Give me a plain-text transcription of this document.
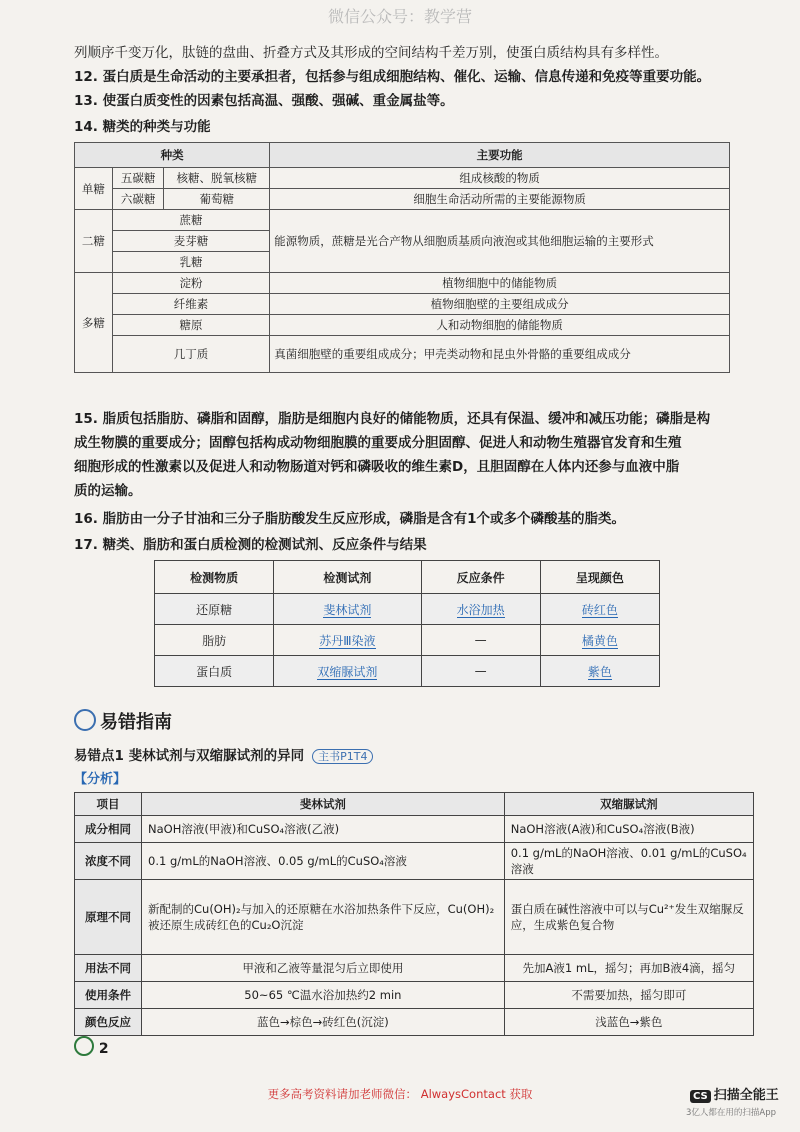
微信公众号：教学营
列顺序千变万化，肽链的盘曲、折叠方式及其形成的空间结构千差万别，使蛋白质结构具有多样性。
12. 蛋白质是生命活动的主要承担者，包括参与组成细胞结构、催化、运输、信息传递和免疫等重要功能。
13. 使蛋白质变性的因素包括高温、强酸、强碱、重金属盐等。
14. 糖类的种类与功能
种类			主要功能
单糖	五碳糖	核糖、脱氧核糖	组成核酸的物质
	六碳糖	葡萄糖	细胞生命活动所需的主要能源物质
二糖	蔗糖		能源物质，蔗糖是光合产物从细胞质基质向液泡或其他细胞运输的主要形式
	麦芽糖		
	乳糖		
多糖	淀粉		植物细胞中的储能物质
	纤维素		植物细胞壁的主要组成成分
	糖原		人和动物细胞的储能物质
	几丁质		真菌细胞壁的重要组成成分；甲壳类动物和昆虫外骨骼的重要组成成分
15. 脂质包括脂肪、磷脂和固醇，脂肪是细胞内良好的储能物质，还具有保温、缓冲和减压功能；磷脂是构
成生物膜的重要成分；固醇包括构成动物细胞膜的重要成分胆固醇、促进人和动物生殖器官发育和生殖
细胞形成的性激素以及促进人和动物肠道对钙和磷吸收的维生素D，且胆固醇在人体内还参与血液中脂
质的运输。
16. 脂肪由一分子甘油和三分子脂肪酸发生反应形成，磷脂是含有1个或多个磷酸基的脂类。
17. 糖类、脂肪和蛋白质检测的检测试剂、反应条件与结果
检测物质	检测试剂	反应条件	呈现颜色
还原糖	斐林试剂	水浴加热	砖红色
脂肪	苏丹Ⅲ染液	—	橘黄色
蛋白质	双缩脲试剂	—	紫色
易错指南
易错点1 斐林试剂与双缩脲试剂的异同 主书P1T4
【分析】
项目	斐林试剂	双缩脲试剂
成分相同	NaOH溶液(甲液)和CuSO₄溶液(乙液)	NaOH溶液(A液)和CuSO₄溶液(B液)
浓度不同	0.1 g/mL的NaOH溶液、0.05 g/mL的CuSO₄溶液	0.1 g/mL的NaOH溶液、0.01 g/mL的CuSO₄溶液
原理不同	新配制的Cu(OH)₂与加入的还原糖在水浴加热条件下反应，Cu(OH)₂被还原生成砖红色的Cu₂O沉淀	蛋白质在碱性溶液中可以与Cu²⁺发生双缩脲反应，生成紫色复合物
用法不同	甲液和乙液等量混匀后立即使用	先加A液1 mL，摇匀；再加B液4滴，摇匀
使用条件	50~65 ℃温水浴加热约2 min	不需要加热，摇匀即可
颜色反应	蓝色→棕色→砖红色(沉淀)	浅蓝色→紫色
2
更多高考资料请加老师微信： AlwaysContact 获取	CS 扫描全能王
3亿人都在用的扫描App
